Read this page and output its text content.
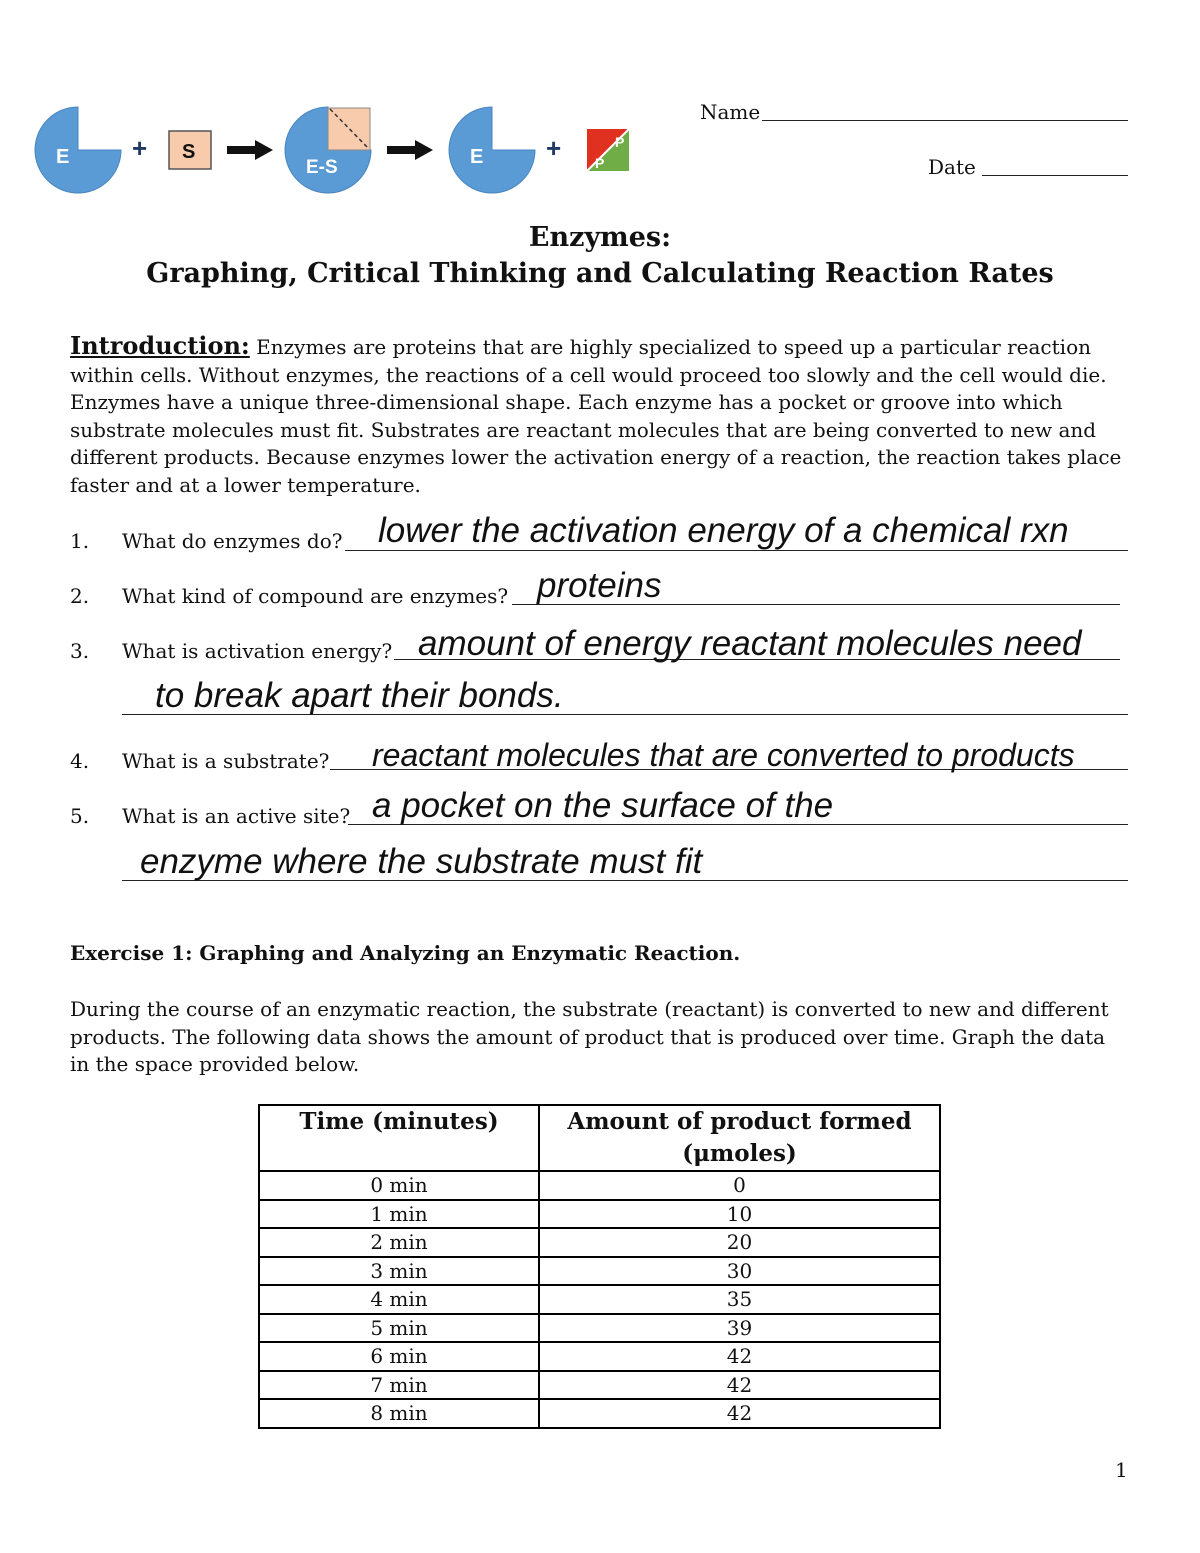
E + S
E-S	E +	P
P
Name
Date
Enzymes:
Graphing, Critical Thinking and Calculating Reaction Rates
Introduction: Enzymes are proteins that are highly specialized to speed up a particular reaction within cells. Without enzymes, the reactions of a cell would proceed too slowly and the cell would die. Enzymes have a unique three-dimensional shape. Each enzyme has a pocket or groove into which substrate molecules must fit. Substrates are reactant molecules that are being converted to new and different products. Because enzymes lower the activation energy of a reaction, the reaction takes place faster and at a lower temperature.
1. What do enzymes do? lower the activation energy of a chemical rxn
2. What kind of compound are enzymes? proteins
3. What is activation energy? amount of energy reactant molecules need
to break apart their bonds.
4. What is a substrate? reactant molecules that are converted to products
5. What is an active site? a pocket on the surface of the
enzyme where the substrate must fit
Exercise 1: Graphing and Analyzing an Enzymatic Reaction.
During the course of an enzymatic reaction, the substrate (reactant) is converted to new and different products. The following data shows the amount of product that is produced over time. Graph the data in the space provided below.
Time (minutes)	Amount of product formed (μmoles)
0 min	0
1 min	10
2 min	20
3 min	30
4 min	35
5 min	39
6 min	42
7 min	42
8 min	42
1
